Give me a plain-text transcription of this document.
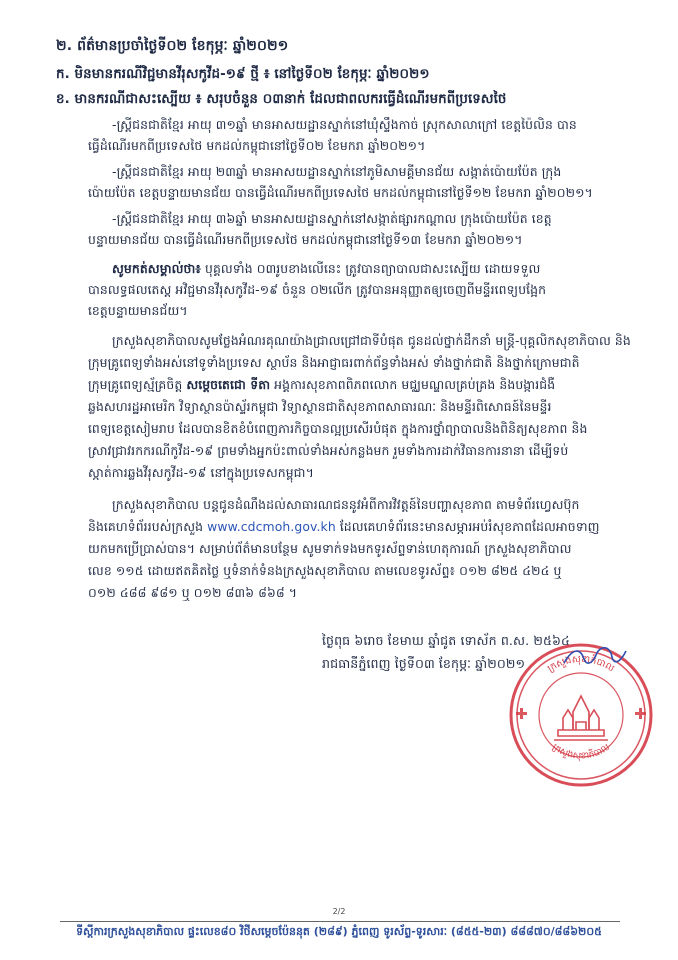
២. ព័ត៌មានប្រចាំថ្ងៃទី០២ ខែកុម្ភៈ ឆ្នាំ២០២១
ក. មិនមានករណីវិជ្ជមានវីរុសកូវីដ-១៩ ថ្មី ៖ នៅថ្ងៃទី០២ ខែកុម្ភៈ ឆ្នាំ២០២១
ខ. មានករណីជាសះស្បើយ ៖ សរុបចំនួន ០៣នាក់ ដែលជាពលករធ្វើដំណើរមកពីប្រទេសថៃ
-ស្ត្រីជនជាតិខ្មែរ អាយុ ៣១ឆ្នាំ មានអាសយដ្ឋានស្នាក់នៅឃុំស្ទឹងកាច់ ស្រុកសាលាក្រៅ ខេត្តប៉ៃលិន បាន
ធ្វើដំណើរមកពីប្រទេសថៃ មកដល់កម្ពុជានៅថ្ងៃទី០២ ខែមករា ឆ្នាំ២០២១។
-ស្ត្រីជនជាតិខ្មែរ អាយុ ២៣ឆ្នាំ មានអាសយដ្ឋានស្នាក់នៅភូមិសាមគ្គីមានជ័យ សង្កាត់ប៉ោយប៉ែត ក្រុង
ប៉ោយប៉ែត ខេត្តបន្ទាយមានជ័យ បានធ្វើដំណើរមកពីប្រទេសថៃ មកដល់កម្ពុជានៅថ្ងៃទី១២ ខែមករា ឆ្នាំ២០២១។
-ស្ត្រីជនជាតិខ្មែរ អាយុ ៣៦ឆ្នាំ មានអាសយដ្ឋានស្នាក់នៅសង្កាត់ផ្សារកណ្តាល ក្រុងប៉ោយប៉ែត ខេត្ត
បន្ទាយមានជ័យ បានធ្វើដំណើរមកពីប្រទេសថៃ មកដល់កម្ពុជានៅថ្ងៃទី១៣ ខែមករា ឆ្នាំ២០២១។
សូមកត់សម្គាល់ថា៖ បុគ្គលទាំង ០៣រូបខាងលើនេះ ត្រូវបានព្យាបាលជាសះស្បើយ ដោយទទួល
បានលទ្ធផលតេស្ត អវិជ្ជមានវីរុសកូវីដ-១៩ ចំនួន ០២លើក ត្រូវបានអនុញ្ញាតឲ្យចេញពីមន្ទីរពេទ្យបង្អែក
ខេត្តបន្ទាយមានជ័យ។
ក្រសួងសុខាភិបាលសូមថ្លែងអំណរគុណយ៉ាងជ្រាលជ្រៅជាទីបំផុត ជូនដល់ថ្នាក់ដឹកនាំ មន្ត្រី-បុគ្គលិកសុខាភិបាល និង
ក្រុមគ្រូពេទ្យទាំងអស់នៅទូទាំងប្រទេស ស្ថាប័ន និងអាជ្ញាធរពាក់ព័ន្ធទាំងអស់ ទាំងថ្នាក់ជាតិ និងថ្នាក់ក្រោមជាតិ
ក្រុមគ្រូពេទ្យស្ម័គ្រចិត្ត សម្តេចតេជោ ទីតា អង្គការសុខភាពពិភពលោក មជ្ឈមណ្ឌលគ្រប់គ្រង និងបង្ការជំងឺ
ឆ្លងសហរដ្ឋអាមេរិក វិទ្យាស្ថានប៉ាស្ទ័រកម្ពុជា វិទ្យាស្ថានជាតិសុខភាពសាធារណៈ និងមន្ទីរពិសោធន៍នៃមន្ទីរ
ពេទ្យខេត្តសៀមរាប ដែលបានខិតខំបំពេញភារកិច្ចបានល្អប្រសើរបំផុត ក្នុងការថ្នាំព្យាបាលនិងពិនិត្យសុខភាព និង
ស្រាវជ្រាវរកករណីកូវីដ-១៩ ព្រមទាំងអ្នកប៉ះពាល់ទាំងអស់កន្លងមក រួមទាំងការដាក់វិធានការនានា ដើម្បីទប់
ស្កាត់ការឆ្លងវីរុសកូវីដ-១៩ នៅក្នុងប្រទេសកម្ពុជា។
ក្រសួងសុខាភិបាល បន្តជូនដំណឹងដល់សាធារណជននូវអំពីការវិវត្តន៍នៃបញ្ហាសុខភាព តាមទំព័រហ្វេសប៊ុក
និងគេហទំព័ររបស់ក្រសួង www.cdcmoh.gov.kh ដែលគេហទំព័រនេះមានសម្ភារអប់រំសុខភាពដែលអាចទាញ
យកមកប្រើប្រាស់បាន។ សម្រាប់ព័ត៌មានបន្ថែម សូមទាក់ទងមកទូរស័ព្ទទាន់ហេតុការណ៍ ក្រសួងសុខាភិបាល
លេខ ១១៥ ដោយឥតគិតថ្លៃ ឬទំនាក់ទំនងក្រសួងសុខាភិបាល តាមលេខទូរស័ព្ទ៖ ០១២ ៨២៥ ៤២៤ ឬ
០១២ ៤៨៨ ៩៨១ ឬ ០១២ ៨៣៦ ៨៦៨ ។
ថ្ងៃពុធ ៦រោច ខែមាឃ ឆ្នាំជូត ទោស័ក ព.ស. ២៥៦៤
រាជធានីភ្នំពេញ ថ្ងៃទី០៣ ខែកុម្ភៈ ឆ្នាំ២០២១ ក្រសួងសុខាភិបាល
ក្រសួងសុខាភិបាល
2/2
ទីស្តីការក្រសួងសុខាភិបាល ផ្ទះលេខ៨០ វិថីសម្តេចប៉ែននុត (២៨៩) ភ្នំពេញ ទូរស័ព្ទ-ទូរសារៈ (៨៥៥-២៣) ៨៨៨៧០/៨៨៦២០៥
